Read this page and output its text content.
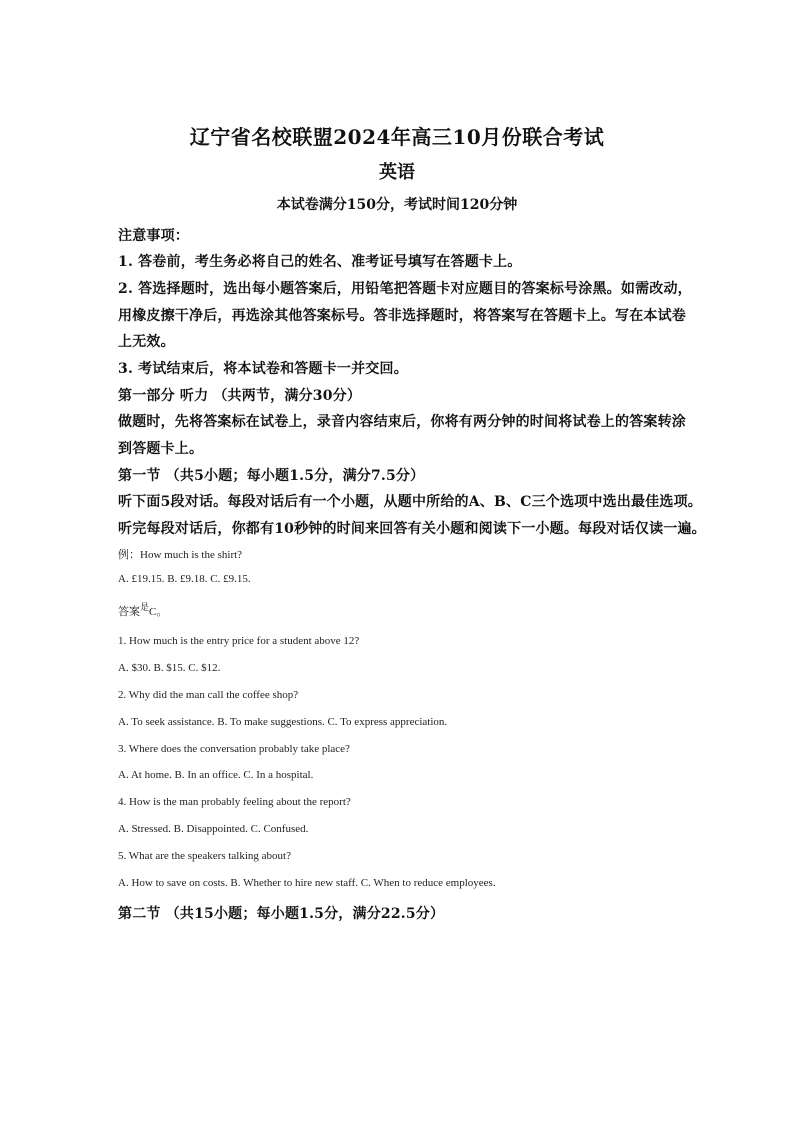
辽宁省名校联盟2024年高三10月份联合考试
英语
本试卷满分150分，考试时间120分钟
注意事项：
1. 答卷前，考生务必将自己的姓名、准考证号填写在答题卡上。
2. 答选择题时，选出每小题答案后，用铅笔把答题卡对应题目的答案标号涂黑。如需改动，
用橡皮擦干净后，再选涂其他答案标号。答非选择题时，将答案写在答题卡上。写在本试卷
上无效。
3. 考试结束后，将本试卷和答题卡一并交回。
第一部分 听力 （共两节，满分30分）
做题时，先将答案标在试卷上，录音内容结束后，你将有两分钟的时间将试卷上的答案转涂
到答题卡上。
第一节 （共5小题；每小题1.5分，满分7.5分）
听下面5段对话。每段对话后有一个小题，从题中所给的A、B、C三个选项中选出最佳选项。
听完每段对话后，你都有10秒钟的时间来回答有关小题和阅读下一小题。每段对话仅读一遍。
例：How much is the shirt?
A. £19.15. B. £9.18. C. £9.15.
答案$^是$C。
1. How much is the entry price for a student above 12?
A. $30. B. $15. C. $12.
2. Why did the man call the coffee shop?
A. To seek assistance. B. To make suggestions. C. To express appreciation.
3. Where does the conversation probably take place?
A. At home. B. In an office. C. In a hospital.
4. How is the man probably feeling about the report?
A. Stressed. B. Disappointed. C. Confused.
5. What are the speakers talking about?
A. How to save on costs. B. Whether to hire new staff. C. When to reduce employees.
第二节 （共15小题；每小题1.5分，满分22.5分）
